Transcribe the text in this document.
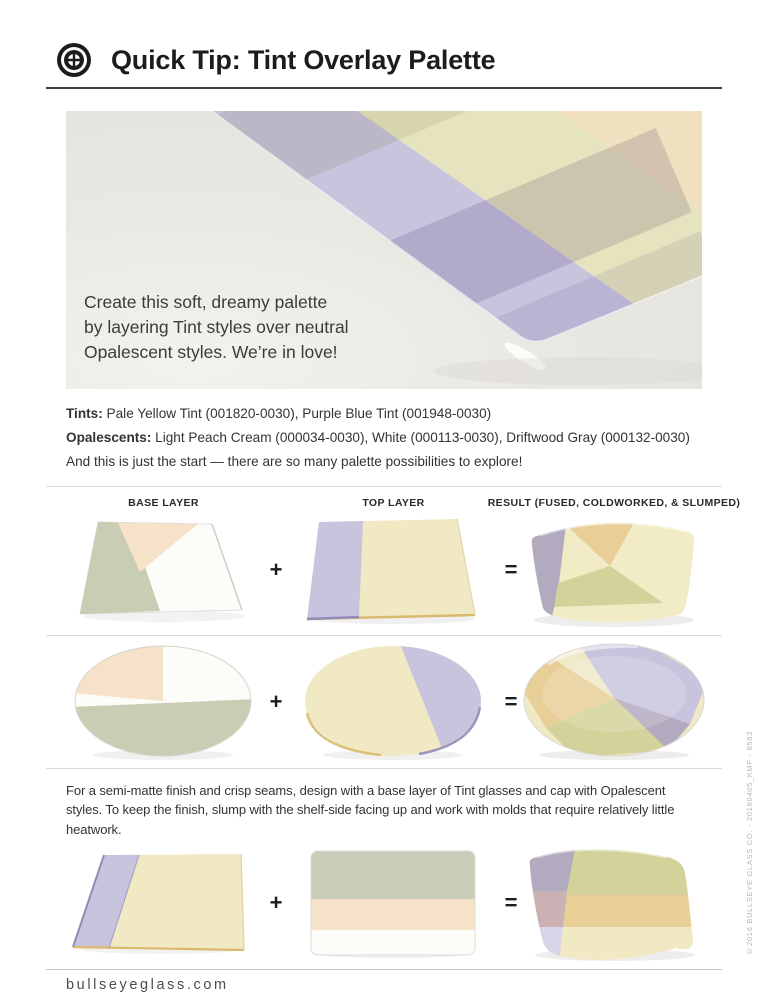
Quick Tip: Tint Overlay Palette
Create this soft, dreamy palette
by layering Tint styles over neutral
Opalescent styles. We’re in love!

Tints: Pale Yellow Tint (001820-0030), Purple Blue Tint (001948-0030)

Opalescents: Light Peach Cream (000034-0030), White (000113-0030), Driftwood Gray (000132-0030)

And this is just the start — there are so many palette possibilities to explore!

BASE LAYER	TOP LAYER	RESULT (FUSED, COLDWORKED, & SLUMPED)
+	=
+	=

For a semi-matte finish and crisp seams, design with a base layer of Tint glasses and cap with Opalescent styles. To keep the finish, slump with the shelf-side facing up and work with molds that require relatively little heatwork.

+	=
bullseyeglass.com
©2016 BULLSEYE GLASS CO. - 20160405_KMF - 8583
